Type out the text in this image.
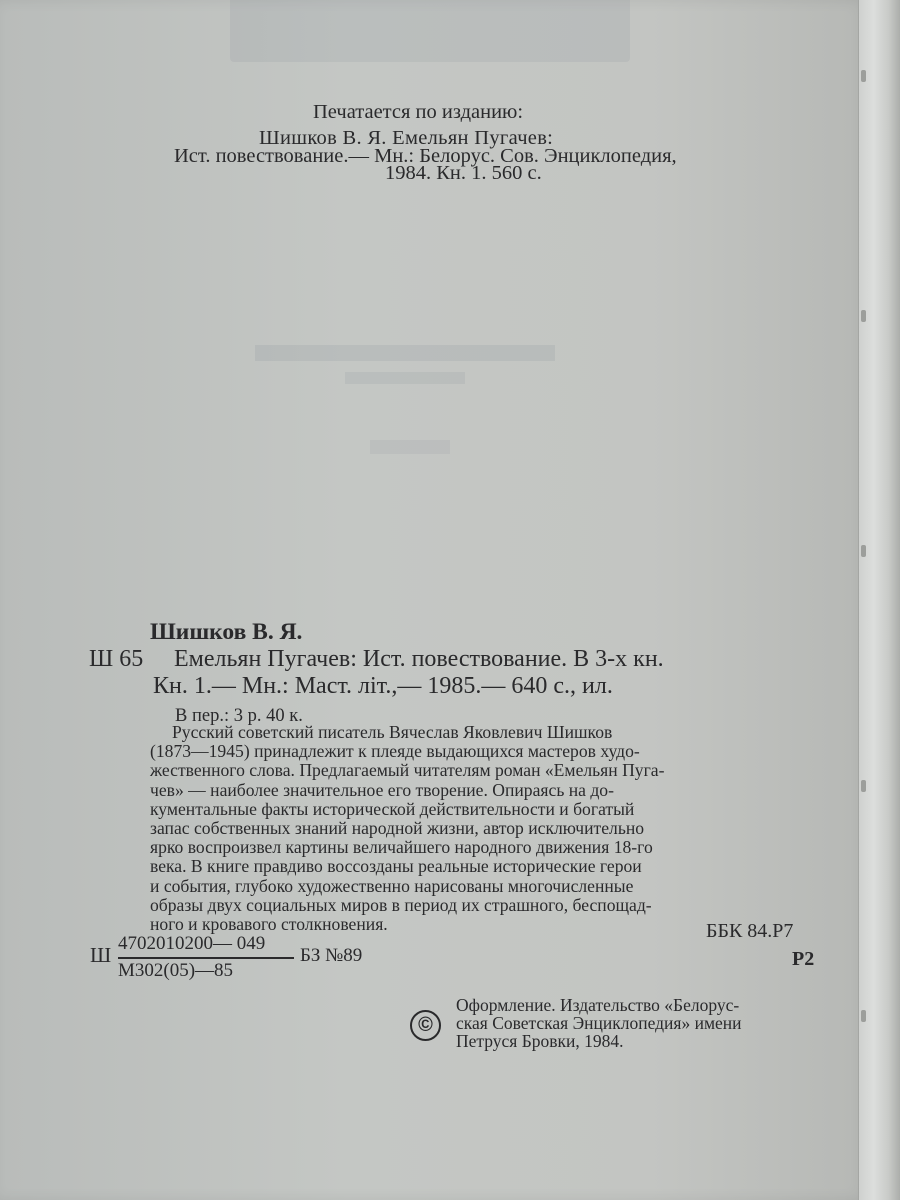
Печатается по изданию:
Шишков В. Я. Емельян Пугачев:
Ист. повествование.— Мн.: Белорус. Сов. Энциклопедия,
1984. Кн. 1. 560 с.
Шишков В. Я.
Ш 65 Емельян Пугачев: Ист. повествование. В 3-х кн.
Кн. 1.— Мн.: Маст. літ.,— 1985.— 640 с., ил.
В пер.: 3 р. 40 к.
Русский советский писатель Вячеслав Яковлевич Шишков
(1873—1945) принадлежит к плеяде выдающихся мастеров худо-
жественного слова. Предлагаемый читателям роман «Емельян Пуга-
чев» — наиболее значительное его творение. Опираясь на до-
кументальные факты исторической действительности и богатый
запас собственных знаний народной жизни, автор исключительно
ярко воспроизвел картины величайшего народного движения 18-го
века. В книге правдиво воссозданы реальные исторические герои
и события, глубоко художественно нарисованы многочисленные
образы двух социальных миров в период их страшного, беспощад-
ного и кровавого столкновения.
Ш 4702010200— 049
М302(05)—85
БЗ №89
ББК 84.Р7
Р2
©
Оформление. Издательство «Белорус-
ская Советская Энциклопедия» имени
Петруся Бровки, 1984.
